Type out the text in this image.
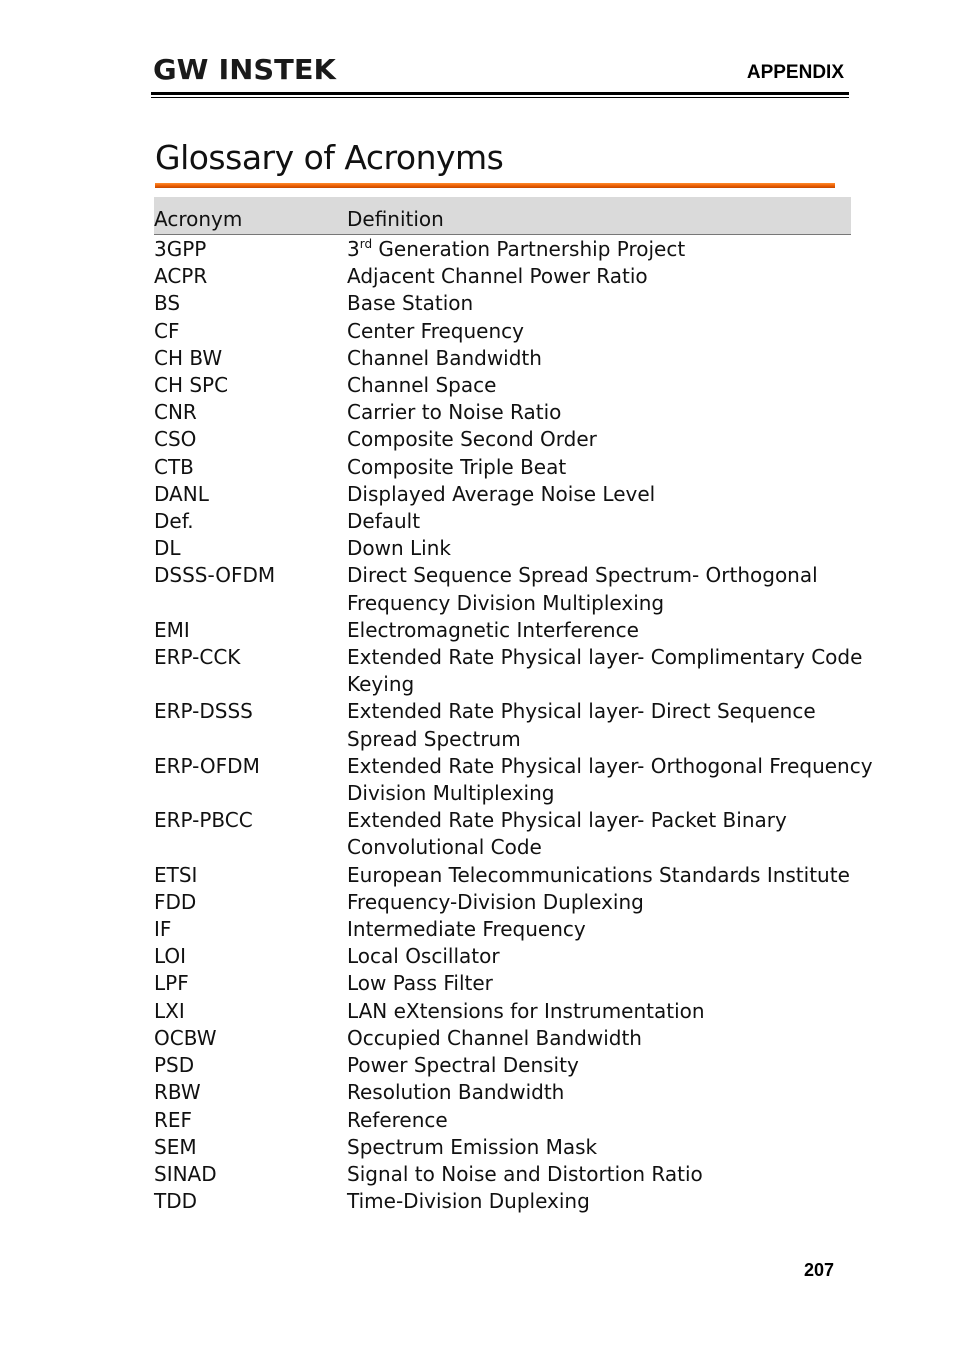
GW INSTEK	APPENDIX
Glossary of Acronyms
Acronym	Definition
3GPP	3rd Generation Partnership Project
ACPR	Adjacent Channel Power Ratio
BS	Base Station
CF	Center Frequency
CH BW	Channel Bandwidth
CH SPC	Channel Space
CNR	Carrier to Noise Ratio
CSO	Composite Second Order
CTB	Composite Triple Beat
DANL	Displayed Average Noise Level
Def.	Default
DL	Down Link
DSSS-OFDM	Direct Sequence Spread Spectrum- Orthogonal
Frequency Division Multiplexing
EMI	Electromagnetic Interference
ERP-CCK	Extended Rate Physical layer- Complimentary Code
Keying
ERP-DSSS	Extended Rate Physical layer- Direct Sequence
Spread Spectrum
ERP-OFDM	Extended Rate Physical layer- Orthogonal Frequency
Division Multiplexing
ERP-PBCC	Extended Rate Physical layer- Packet Binary
Convolutional Code
ETSI	European Telecommunications Standards Institute
FDD	Frequency-Division Duplexing
IF	Intermediate Frequency
LOI	Local Oscillator
LPF	Low Pass Filter
LXI	LAN eXtensions for Instrumentation
OCBW	Occupied Channel Bandwidth
PSD	Power Spectral Density
RBW	Resolution Bandwidth
REF	Reference
SEM	Spectrum Emission Mask
SINAD	Signal to Noise and Distortion Ratio
TDD	Time-Division Duplexing
207
